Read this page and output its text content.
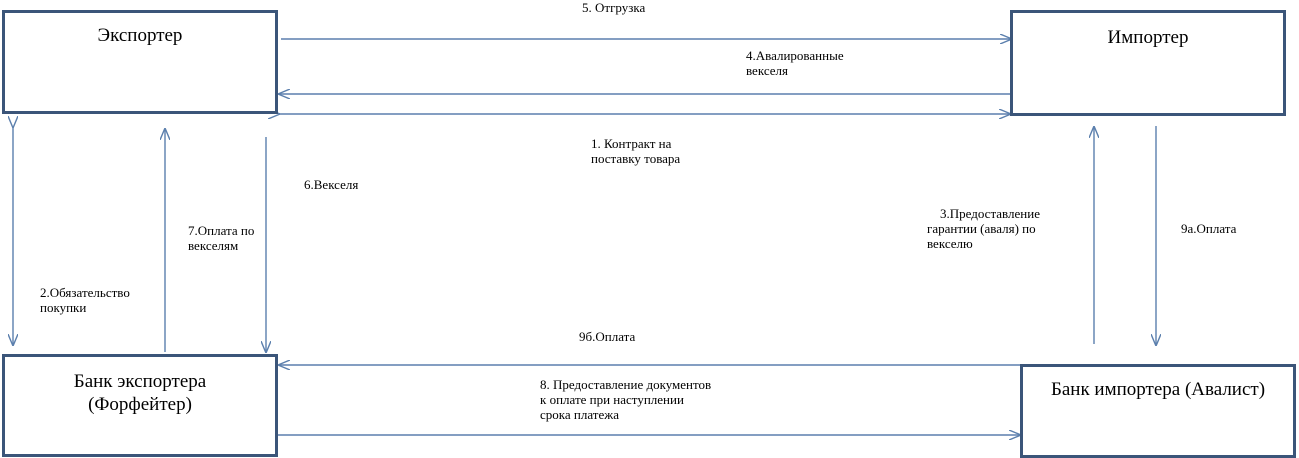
Экспортер	Импортер
Банк экспортера
(Форфейтер)
Банк импортера (Авалист)
5. Отгрузка
4.Авалированные
векселя
1. Контракт на
поставку товара
6.Векселя
7.Оплата по
векселям
2.Обязательство
покупки
3.Предоставление
гарантии (аваля) по
векселю
9а.Оплата
9б.Оплата
8. Предоставление документов
к оплате при наступлении
срока платежа
